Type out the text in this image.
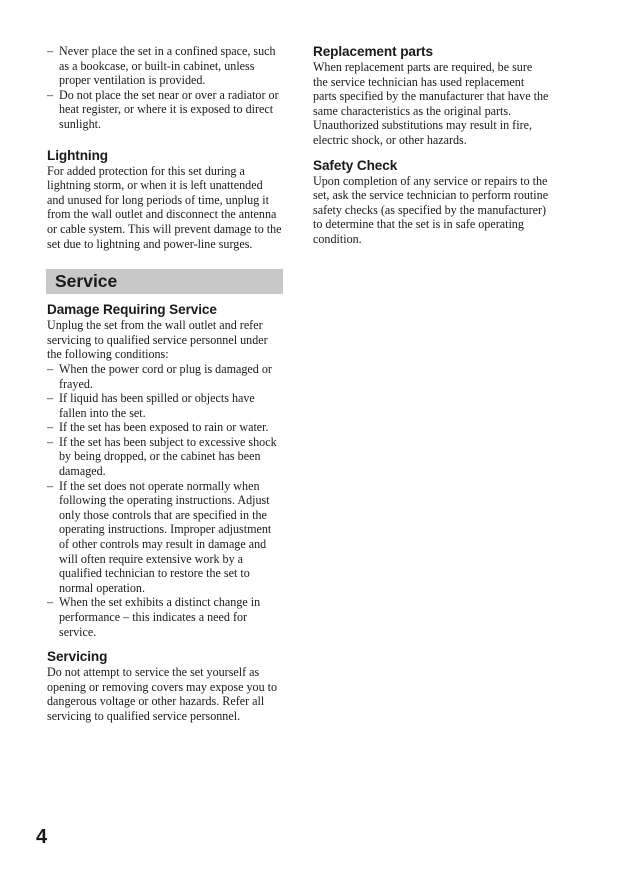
– Never place the set in a confined space, such as a bookcase, or built-in cabinet, unless proper ventilation is provided.
– Do not place the set near or over a radiator or heat register, or where it is exposed to direct sunlight.
Lightning

For added protection for this set during a lightning storm, or when it is left unattended and unused for long periods of time, unplug it from the wall outlet and disconnect the antenna or cable system. This will prevent damage to the set due to lightning and power-line surges.

Service
Damage Requiring Service

Unplug the set from the wall outlet and refer servicing to qualified service personnel under the following conditions:

– When the power cord or plug is damaged or frayed.
– If liquid has been spilled or objects have fallen into the set.
– If the set has been exposed to rain or water.
– If the set has been subject to excessive shock by being dropped, or the cabinet has been damaged.
– If the set does not operate normally when following the operating instructions. Adjust only those controls that are specified in the operating instructions. Improper adjustment of other controls may result in damage and will often require extensive work by a qualified technician to restore the set to normal operation.
– When the set exhibits a distinct change in performance – this indicates a need for service.
Servicing

Do not attempt to service the set yourself as opening or removing covers may expose you to dangerous voltage or other hazards. Refer all servicing to qualified service personnel.

Replacement parts

When replacement parts are required, be sure the service technician has used replacement parts specified by the manufacturer that have the same characteristics as the original parts. Unauthorized substitutions may result in fire, electric shock, or other hazards.

Safety Check

Upon completion of any service or repairs to the set, ask the service technician to perform routine safety checks (as specified by the manufacturer) to determine that the set is in safe operating condition.

4
